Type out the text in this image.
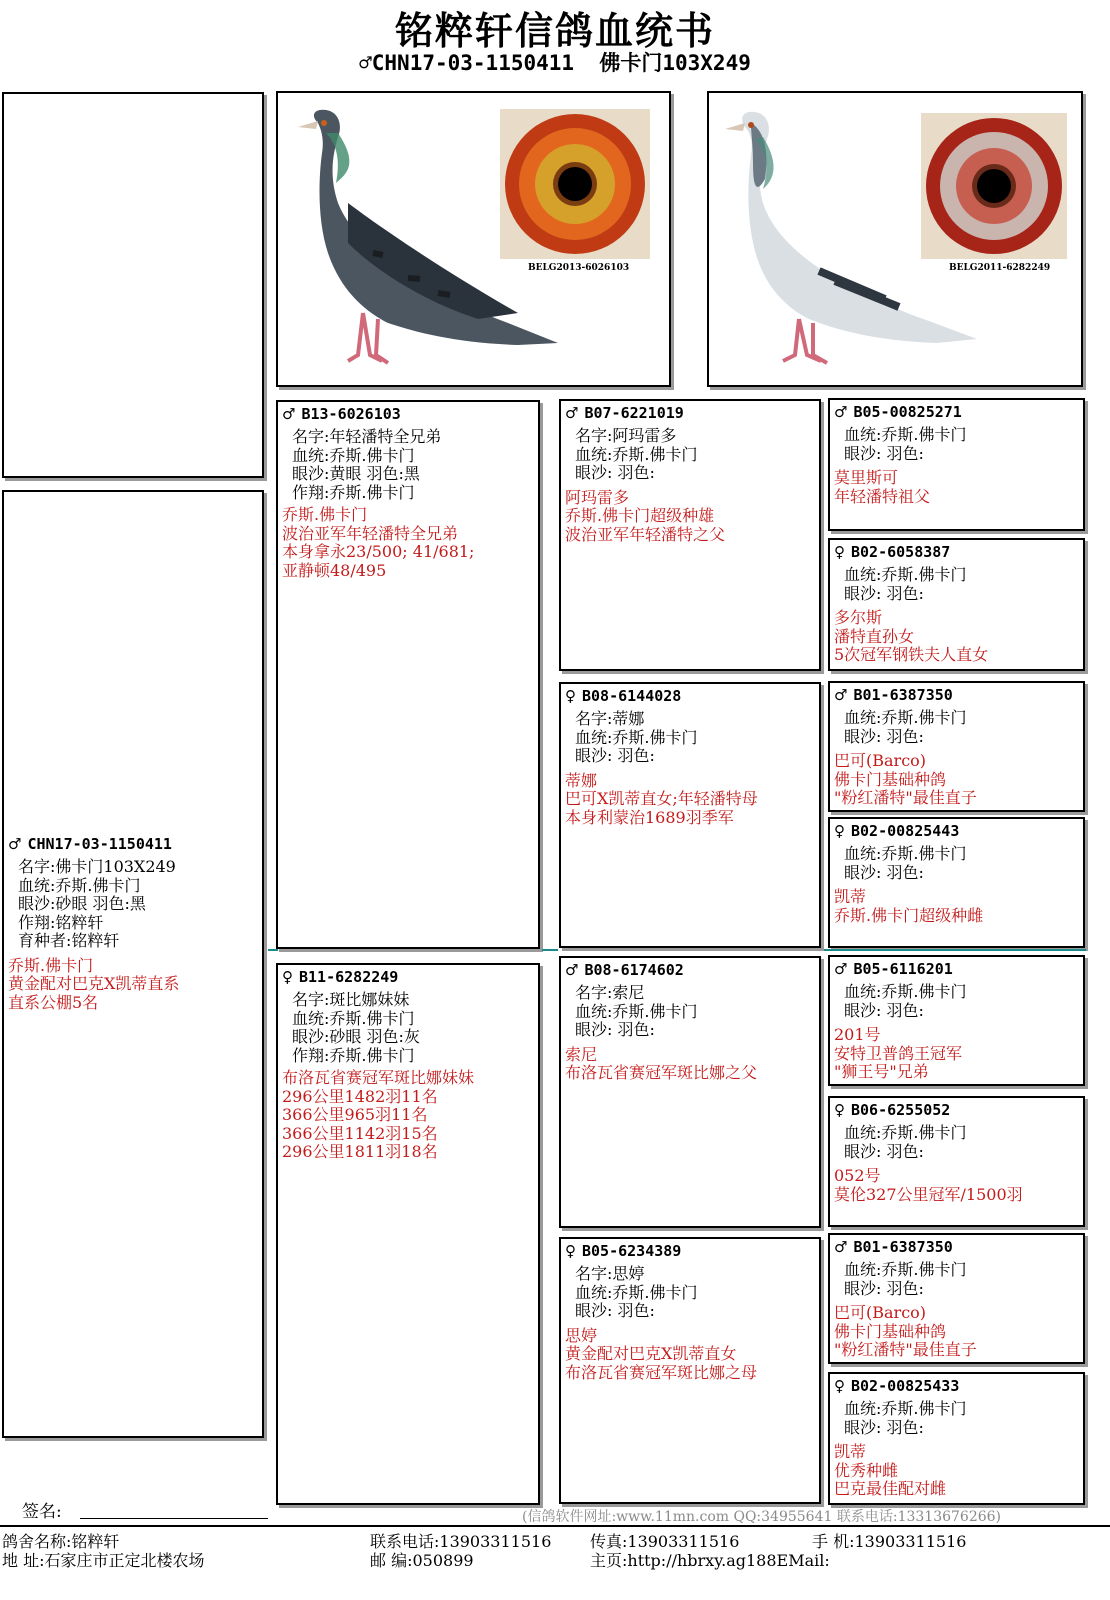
铭粹轩信鸽血统书
♂CHN17-03-1150411 佛卡门103X249
BELG2013-6026103	BELG2011-6282249
♂ CHN17-03-1150411
名字:佛卡门103X249
血统:乔斯.佛卡门
眼沙:砂眼 羽色:黑
作翔:铭粹轩
育种者:铭粹轩
乔斯.佛卡门
黄金配对巴克X凯蒂直系
直系公棚5名
♂ B13-6026103
名字:年轻潘特全兄弟
血统:乔斯.佛卡门
眼沙:黄眼 羽色:黑
作翔:乔斯.佛卡门
乔斯.佛卡门
波治亚军年轻潘特全兄弟
本身拿永23/500; 41/681;
亚静顿48/495
♀ B11-6282249
名字:斑比娜妹妹
血统:乔斯.佛卡门
眼沙:砂眼 羽色:灰
作翔:乔斯.佛卡门
布洛瓦省赛冠军斑比娜妹妹
296公里1482羽11名
366公里965羽11名
366公里1142羽15名
296公里1811羽18名
♂ B07-6221019
名字:阿玛雷多
血统:乔斯.佛卡门
眼沙: 羽色:
阿玛雷多
乔斯.佛卡门超级种雄
波治亚军年轻潘特之父
♀ B08-6144028
名字:蒂娜
血统:乔斯.佛卡门
眼沙: 羽色:
蒂娜
巴可X凯蒂直女;年轻潘特母
本身利蒙治1689羽季军
♂ B08-6174602
名字:索尼
血统:乔斯.佛卡门
眼沙: 羽色:
索尼
布洛瓦省赛冠军斑比娜之父
♀ B05-6234389
名字:思婷
血统:乔斯.佛卡门
眼沙: 羽色:
思婷
黄金配对巴克X凯蒂直女
布洛瓦省赛冠军斑比娜之母
♂ B05-00825271
血统:乔斯.佛卡门
眼沙: 羽色:
莫里斯可
年轻潘特祖父
♀ B02-6058387
血统:乔斯.佛卡门
眼沙: 羽色:
多尔斯
潘特直孙女
5次冠军钢铁夫人直女
♂ B01-6387350
血统:乔斯.佛卡门
眼沙: 羽色:
巴可(Barco)
佛卡门基础种鸽
"粉红潘特"最佳直子
♀ B02-00825443
血统:乔斯.佛卡门
眼沙: 羽色:
凯蒂
乔斯.佛卡门超级种雌
♂ B05-6116201
血统:乔斯.佛卡门
眼沙: 羽色:
201号
安特卫普鸽王冠军
"狮王号"兄弟
♀ B06-6255052
血统:乔斯.佛卡门
眼沙: 羽色:
052号
莫伦327公里冠军/1500羽
♂ B01-6387350
血统:乔斯.佛卡门
眼沙: 羽色:
巴可(Barco)
佛卡门基础种鸽
"粉红潘特"最佳直子
♀ B02-00825433
血统:乔斯.佛卡门
眼沙: 羽色:
凯蒂
优秀种雌
巴克最佳配对雌
签名:	(信鸽软件网址:www.11mn.com QQ:34955641 联系电话:13313676266)
鸽舍名称:铭粹轩	联系电话:13903311516 传真:13903311516	手 机:13903311516
地 址:石家庄市正定北楼农场	邮 编:050899	主页:http://hbrxy.ag188EMail:
